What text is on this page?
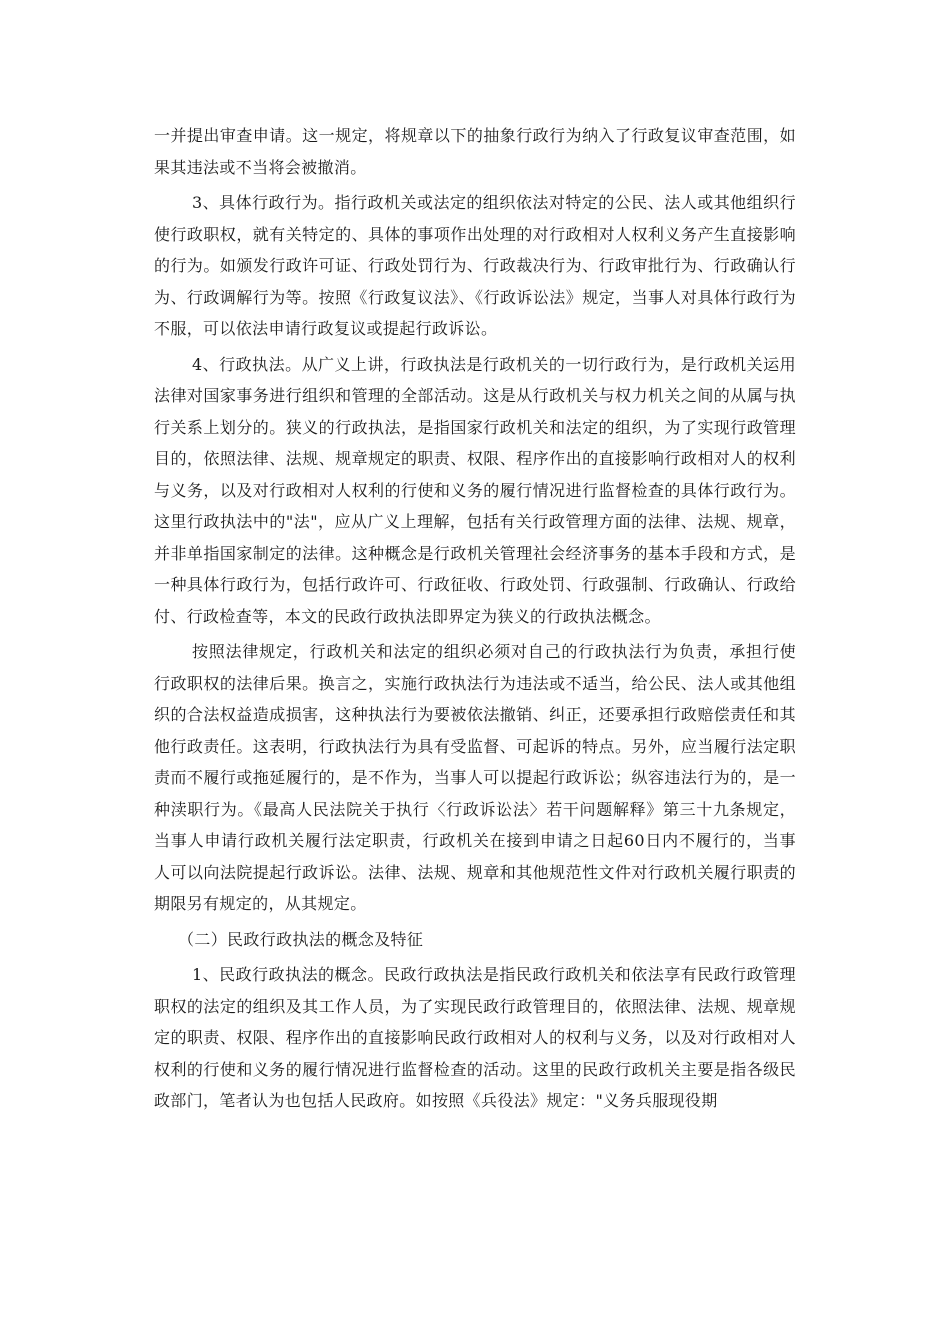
一并提出审查申请。这一规定，将规章以下的抽象行政行为纳入了行政复议审查范围，如果其违法或不当将会被撤消。

3、具体行政行为。指行政机关或法定的组织依法对特定的公民、法人或其他组织行使行政职权，就有关特定的、具体的事项作出处理的对行政相对人权利义务产生直接影响的行为。如颁发行政许可证、行政处罚行为、行政裁决行为、行政审批行为、行政确认行为、行政调解行为等。按照《行政复议法》、《行政诉讼法》规定，当事人对具体行政行为不服，可以依法申请行政复议或提起行政诉讼。

4、行政执法。从广义上讲，行政执法是行政机关的一切行政行为，是行政机关运用法律对国家事务进行组织和管理的全部活动。这是从行政机关与权力机关之间的从属与执行关系上划分的。狭义的行政执法，是指国家行政机关和法定的组织，为了实现行政管理目的，依照法律、法规、规章规定的职责、权限、程序作出的直接影响行政相对人的权利与义务，以及对行政相对人权利的行使和义务的履行情况进行监督检查的具体行政行为。这里行政执法中的"法"，应从广义上理解，包括有关行政管理方面的法律、法规、规章，并非单指国家制定的法律。这种概念是行政机关管理社会经济事务的基本手段和方式，是一种具体行政行为，包括行政许可、行政征收、行政处罚、行政强制、行政确认、行政给付、行政检查等，本文的民政行政执法即界定为狭义的行政执法概念。

按照法律规定，行政机关和法定的组织必须对自己的行政执法行为负责，承担行使行政职权的法律后果。换言之，实施行政执法行为违法或不适当，给公民、法人或其他组织的合法权益造成损害，这种执法行为要被依法撤销、纠正，还要承担行政赔偿责任和其他行政责任。这表明，行政执法行为具有受监督、可起诉的特点。另外，应当履行法定职责而不履行或拖延履行的，是不作为，当事人可以提起行政诉讼；纵容违法行为的，是一种渎职行为。《最高人民法院关于执行〈行政诉讼法〉若干问题解释》第三十九条规定，当事人申请行政机关履行法定职责，行政机关在接到申请之日起60日内不履行的，当事人可以向法院提起行政诉讼。法律、法规、规章和其他规范性文件对行政机关履行职责的期限另有规定的，从其规定。

（二）民政行政执法的概念及特征

1、民政行政执法的概念。民政行政执法是指民政行政机关和依法享有民政行政管理职权的法定的组织及其工作人员，为了实现民政行政管理目的，依照法律、法规、规章规定的职责、权限、程序作出的直接影响民政行政相对人的权利与义务，以及对行政相对人权利的行使和义务的履行情况进行监督检查的活动。这里的民政行政机关主要是指各级民政部门，笔者认为也包括人民政府。如按照《兵役法》规定："义务兵服现役期
